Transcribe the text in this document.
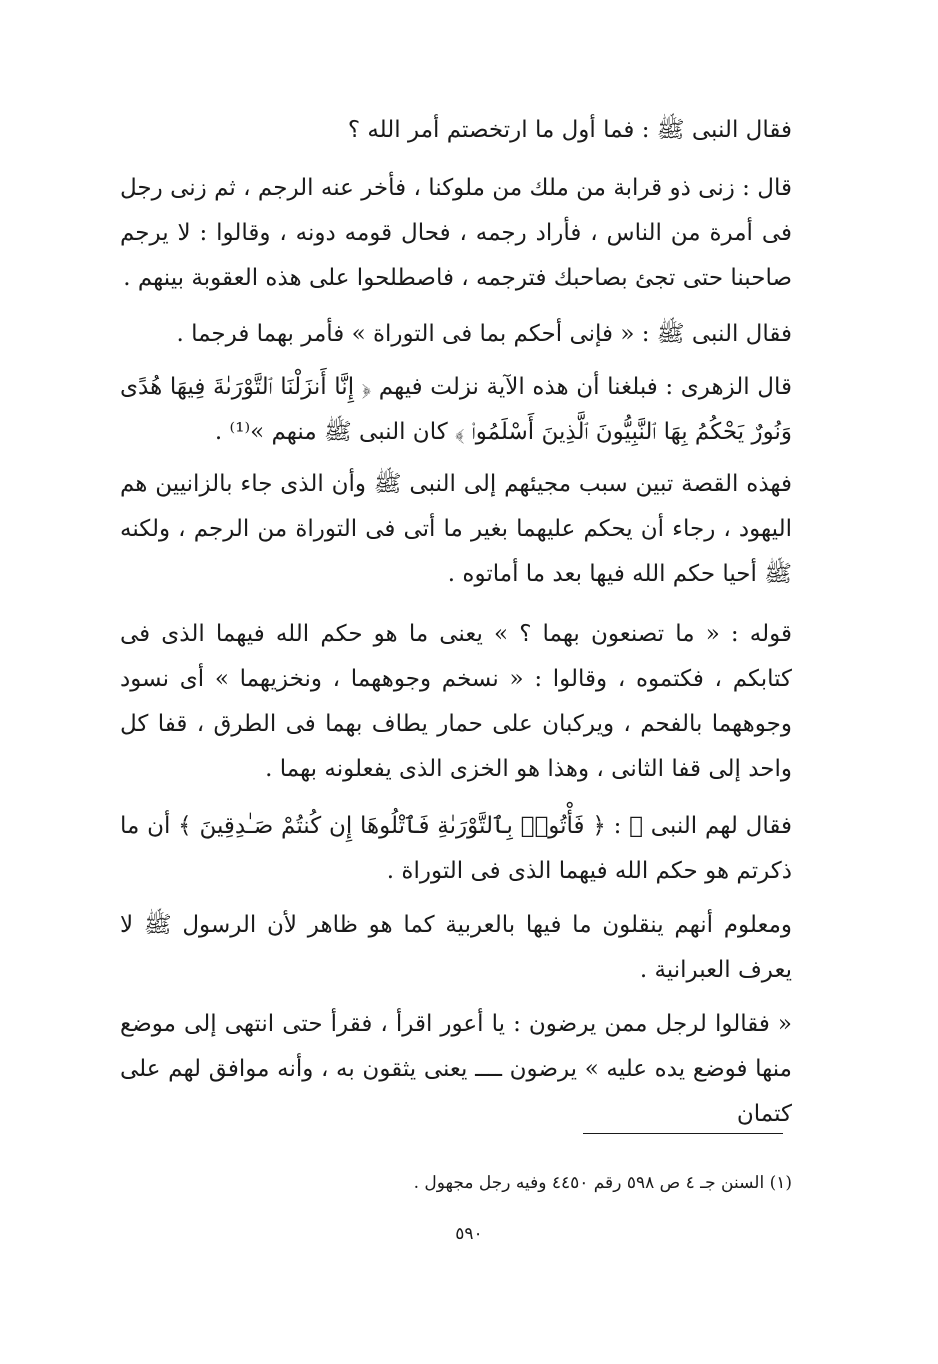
فقال النبى ﷺ : فما أول ما ارتخصتم أمر الله ؟
قال : زنى ذو قرابة من ملك من ملوكنا ، فأخر عنه الرجم ، ثم زنى رجل فى أمرة من الناس ، فأراد رجمه ، فحال قومه دونه ، وقالوا : لا يرجم صاحبنا حتى تجئ بصاحبك فترجمه ، فاصطلحوا على هذه العقوبة بينهم .
فقال النبى ﷺ : « فإنى أحكم بما فى التوراة » فأمر بهما فرجما .
قال الزهرى : فبلغنا أن هذه الآية نزلت فيهم ﴿ إِنَّا أَنزَلْنَا ٱلتَّوْرَىٰةَ فِيهَا هُدًى وَنُورٌ يَحْكُمُ بِهَا ٱلنَّبِيُّونَ ٱلَّذِينَ أَسْلَمُوا۟ ﴾ كان النبى ﷺ منهم »⁽¹⁾ .
فهذه القصة تبين سبب مجيئهم إلى النبى ﷺ وأن الذى جاء بالزانيين هم اليهود ، رجاء أن يحكم عليهما بغير ما أتى فى التوراة من الرجم ، ولكنه ﷺ أحيا حكم الله فيها بعد ما أماتوه .
قوله : « ما تصنعون بهما ؟ » يعنى ما هو حكم الله فيهما الذى فى كتابكم ، فكتموه ، وقالوا : « نسخم وجوههما ، ونخزيهما » أى نسود وجوههما بالفحم ، ويركبان على حمار يطاف بهما فى الطرق ، قفا كل واحد إلى قفا الثانى ، وهذا هو الخزى الذى يفعلونه بهما .
فقال لهم النبى ﷺ : ﴿ فَأْتُوا۟ بِٱلتَّوْرَىٰةِ فَٱتْلُوهَا إِن كُنتُمْ صَـٰدِقِينَ ﴾ أن ما ذكرتم هو حكم الله فيهما الذى فى التوراة .
ومعلوم أنهم ينقلون ما فيها بالعربية كما هو ظاهر لأن الرسول ﷺ لا يعرف العبرانية .
« فقالوا لرجل ممن يرضون : يا أعور اقرأ ، فقرأ حتى انتهى إلى موضع منها فوضع يده عليه » يرضون ــــ يعنى يثقون به ، وأنه موافق لهم على كتمان
(١) السنن جـ ٤ ص ٥٩٨ رقم ٤٤٥٠ وفيه رجل مجهول .
٥٩٠
